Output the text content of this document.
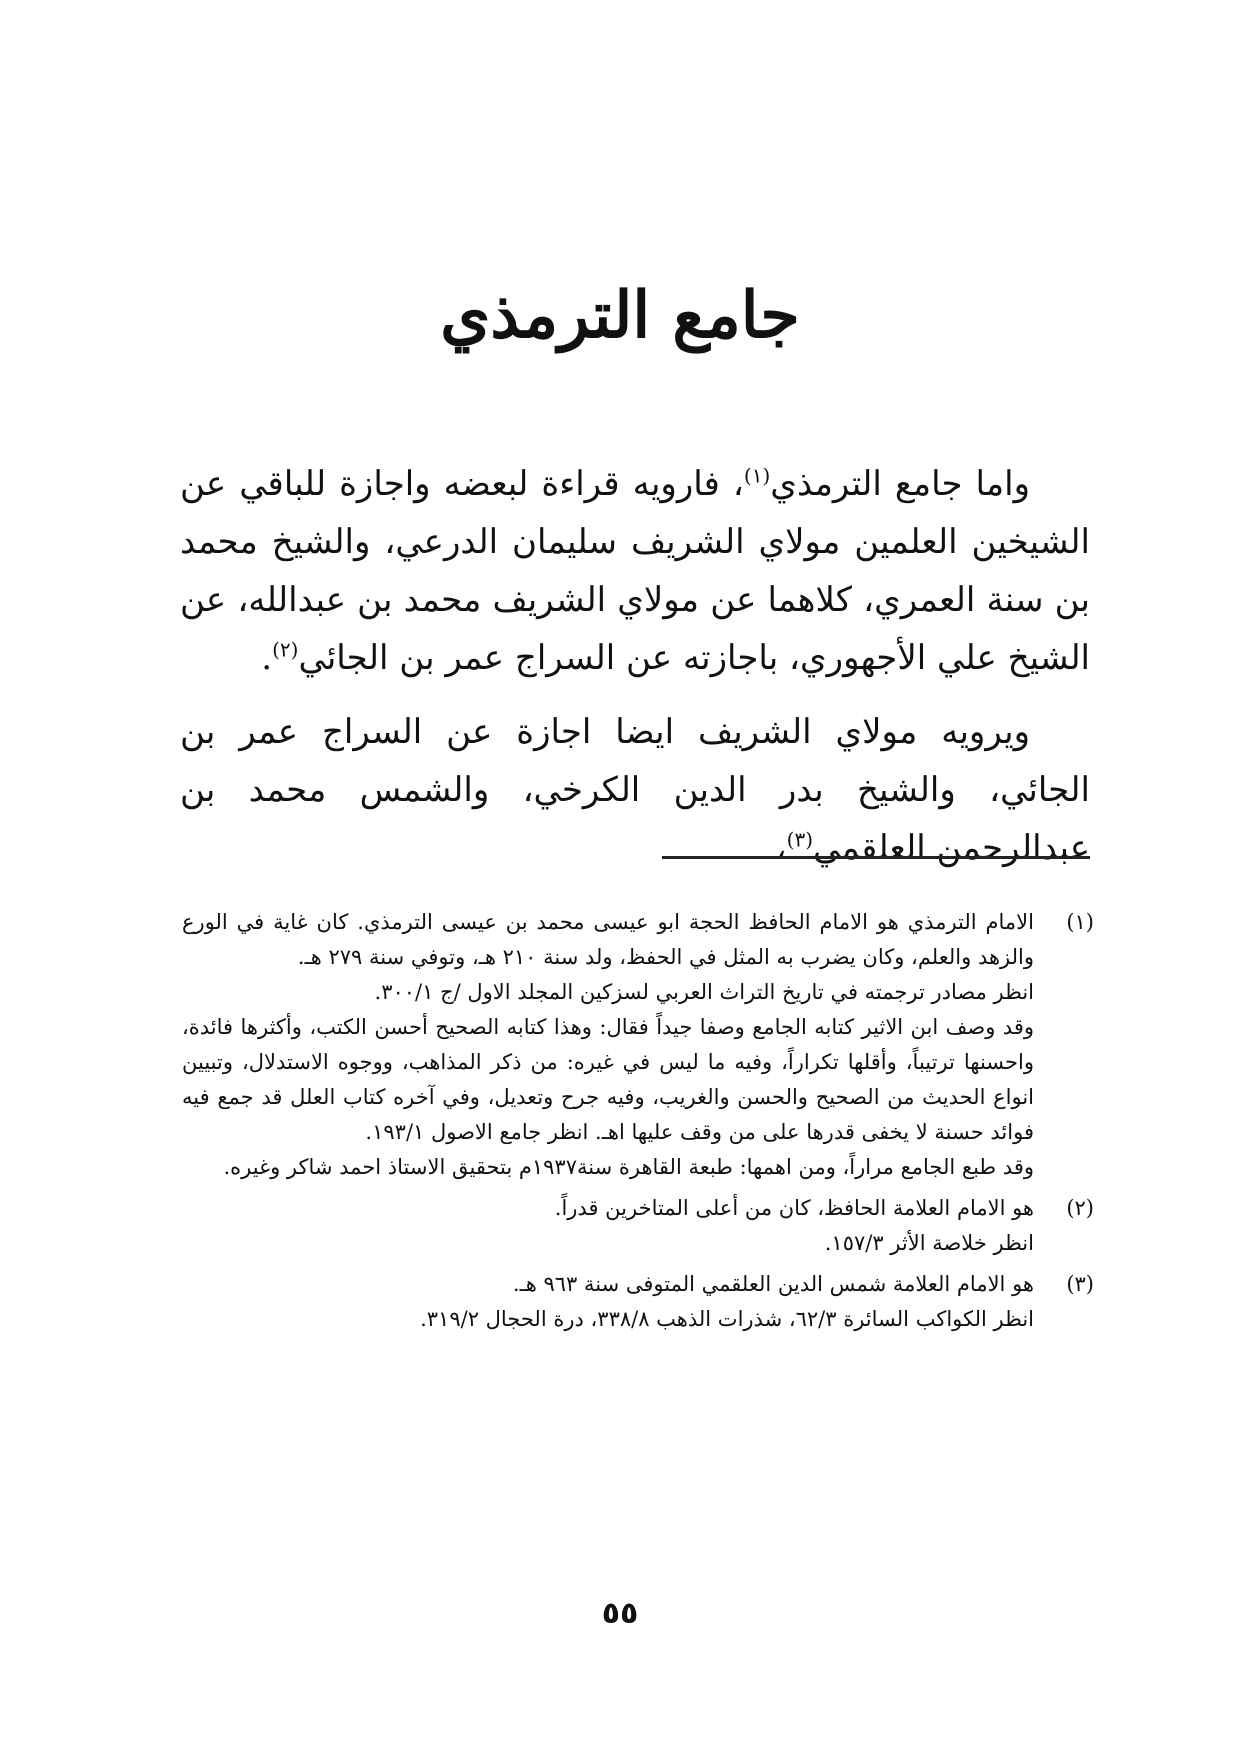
جامع الترمذي

واما جامع الترمذي$^{(١)}$، فارويه قراءة لبعضه واجازة للباقي عن الشيخين العلمين مولاي الشريف سليمان الدرعي، والشيخ محمد بن سنة العمري، كلاهما عن مولاي الشريف محمد بن عبدالله، عن الشيخ علي الأجهوري، باجازته عن السراج عمر بن الجائي$^{(٢)}$.

ويرويه مولاي الشريف ايضا اجازة عن السراج عمر بن الجائي، والشيخ بدر الدين الكرخي، والشمس محمد بن عبدالرحمن العلقمي$^{(٣)}$،

(١)
الامام الترمذي هو الامام الحافظ الحجة ابو عيسى محمد بن عيسى الترمذي. كان غاية في الورع والزهد والعلم، وكان يضرب به المثل في الحفظ، ولد سنة ٢١٠ هـ، وتوفي سنة ٢٧٩ هـ.
انظر مصادر ترجمته في تاريخ التراث العربي لسزكين المجلد الاول /ج ٣٠٠/١.
وقد وصف ابن الاثير كتابه الجامع وصفا جيداً فقال: وهذا كتابه الصحيح أحسن الكتب، وأكثرها فائدة، واحسنها ترتيباً، وأقلها تكراراً، وفيه ما ليس في غيره: من ذكر المذاهب، ووجوه الاستدلال، وتبيين انواع الحديث من الصحيح والحسن والغريب، وفيه جرح وتعديل، وفي آخره كتاب العلل قد جمع فيه فوائد حسنة لا يخفى قدرها على من وقف عليها اهـ. انظر جامع الاصول ١٩٣/١.
وقد طبع الجامع مراراً، ومن اهمها: طبعة القاهرة سنة١٩٣٧م بتحقيق الاستاذ احمد شاكر وغيره.
(٢)
هو الامام العلامة الحافظ، كان من أعلى المتاخرين قدراً.
انظر خلاصة الأثر ١٥٧/٣.
(٣)
هو الامام العلامة شمس الدين العلقمي المتوفى سنة ٩٦٣ هـ.
انظر الكواكب السائرة ٦٢/٣، شذرات الذهب ٣٣٨/٨، درة الحجال ٣١٩/٢.
٥٥
